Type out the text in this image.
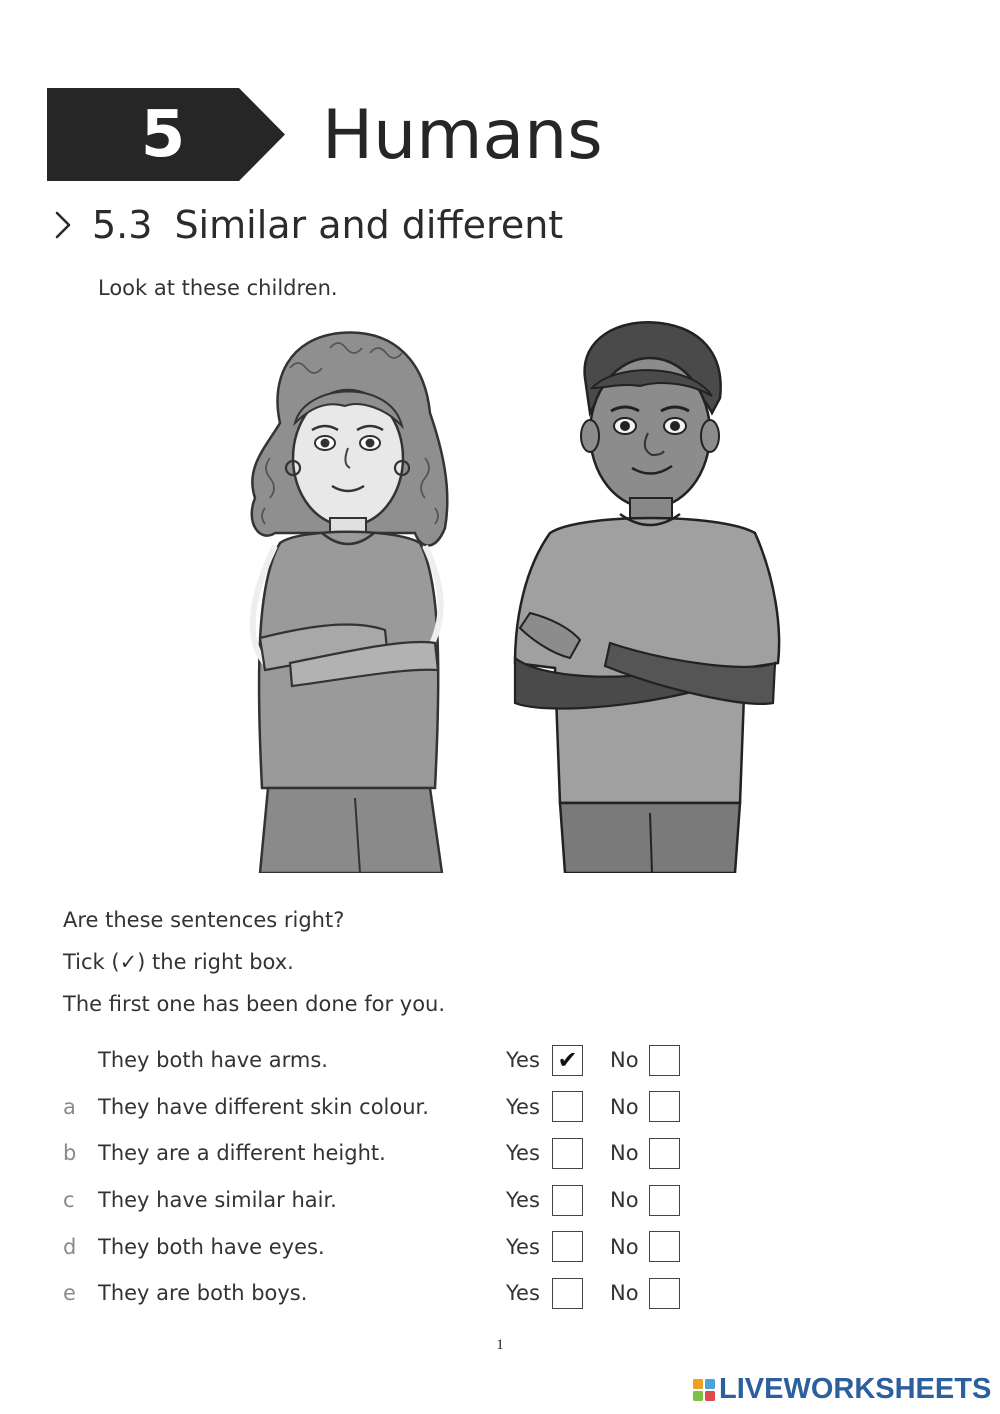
5	Humans
5.3 Similar and different
Look at these children.
Are these sentences right?
Tick (✓) the right box.
The first one has been done for you.
They both have arms.	Yes ✔ No
a They have different skin colour.	Yes	No
b They are a different height.	Yes	No
c They have similar hair.	Yes	No
d They both have eyes.	Yes	No
e They are both boys.	Yes	No
1
LIVEWORKSHEETS
